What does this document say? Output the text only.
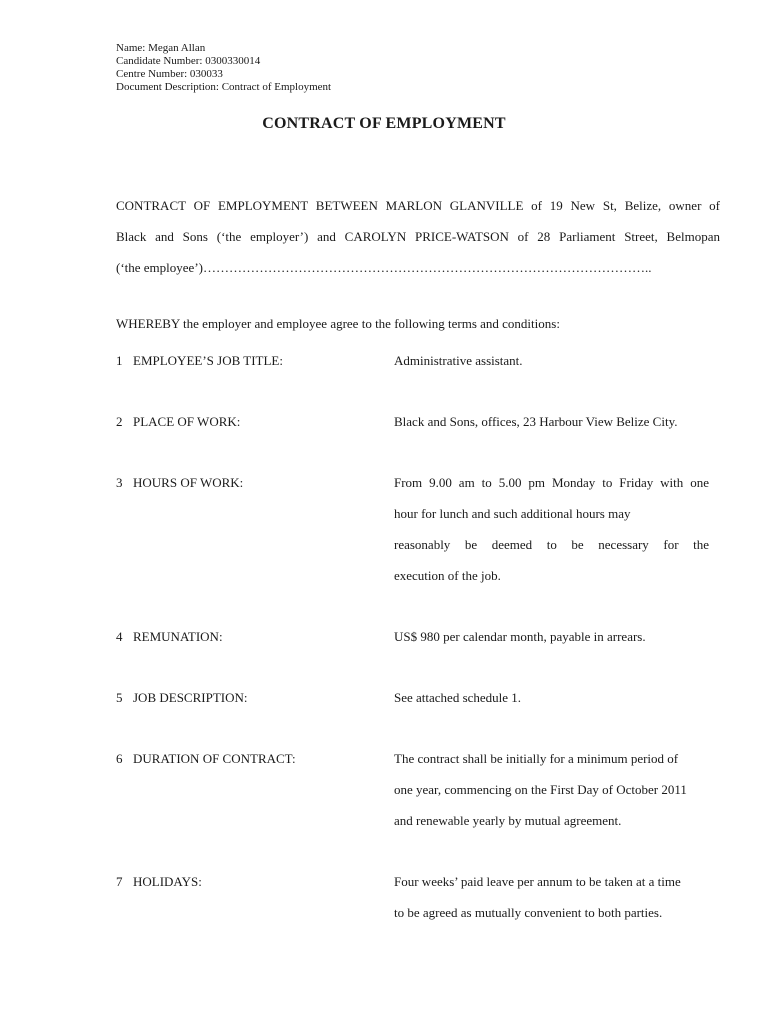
Name: Megan Allan
Candidate Number: 0300330014
Centre Number: 030033
Document Description: Contract of Employment
CONTRACT OF EMPLOYMENT
CONTRACT OF EMPLOYMENT BETWEEN MARLON GLANVILLE of 19 New St, Belize, owner of
Black and Sons (‘the employer’) and CAROLYN PRICE-WATSON of 28 Parliament Street, Belmopan
(‘the employee’)…………………………………………………………………………………………..
WHEREBY the employer and employee agree to the following terms and conditions:
1 EMPLOYEE’S JOB TITLE:	Administrative assistant.
2 PLACE OF WORK:	Black and Sons, offices, 23 Harbour View Belize City.
3 HOURS OF WORK:	From 9.00 am to 5.00 pm Monday to Friday with one
hour for lunch and such additional hours may
reasonably be deemed to be necessary for the
execution of the job.
4 REMUNATION:	US$ 980 per calendar month, payable in arrears.
5 JOB DESCRIPTION:	See attached schedule 1.
6 DURATION OF CONTRACT:	The contract shall be initially for a minimum period of
one year, commencing on the First Day of October 2011
and renewable yearly by mutual agreement.
7 HOLIDAYS:	Four weeks’ paid leave per annum to be taken at a time
to be agreed as mutually convenient to both parties.
